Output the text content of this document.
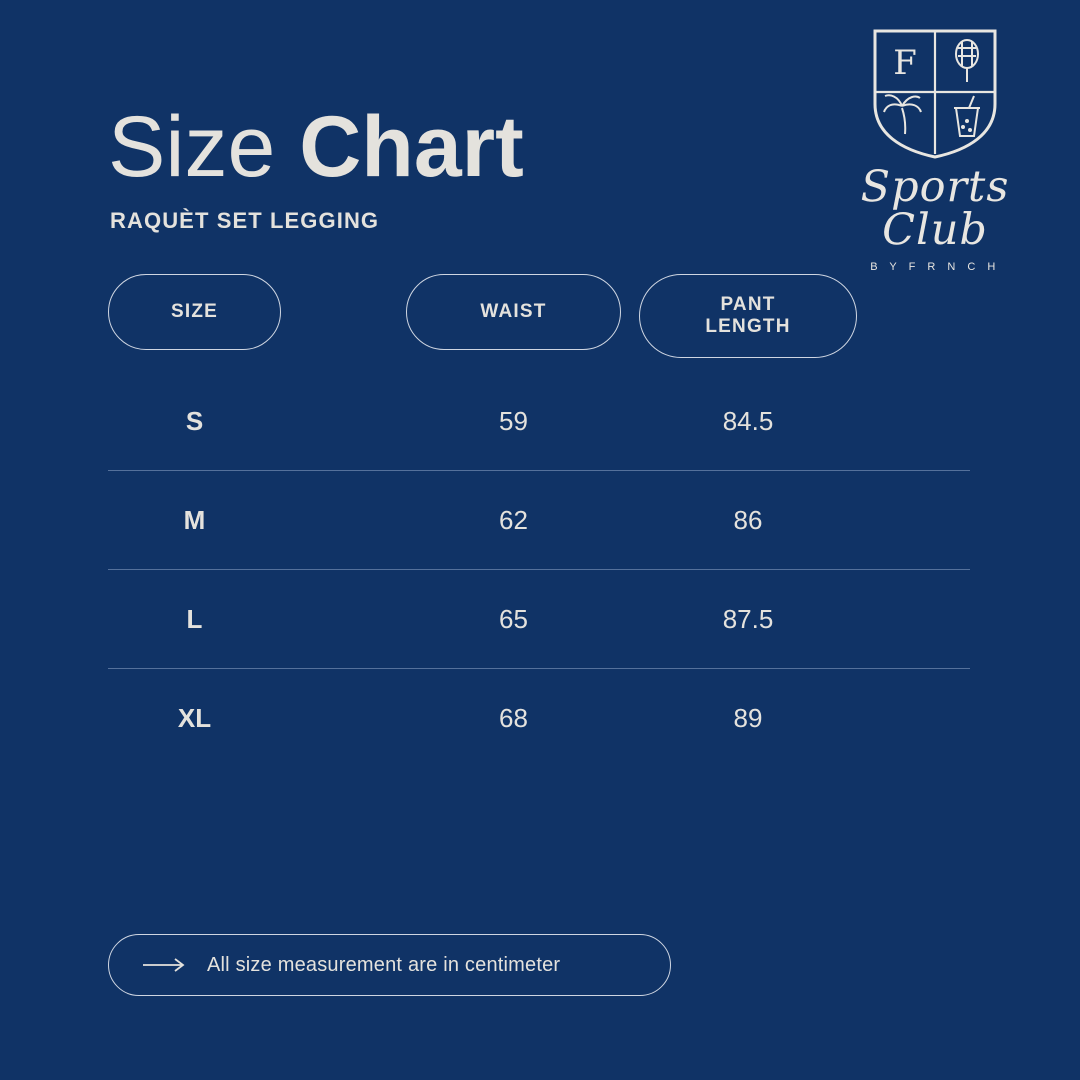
F
Sports Club
B Y F R N C H
Size Chart
RAQUÈT SET LEGGING
SIZE	WAIST	PANT
LENGTH
S	59	84.5
M	62	86
L	65	87.5
XL	68	89
All size measurement are in centimeter
